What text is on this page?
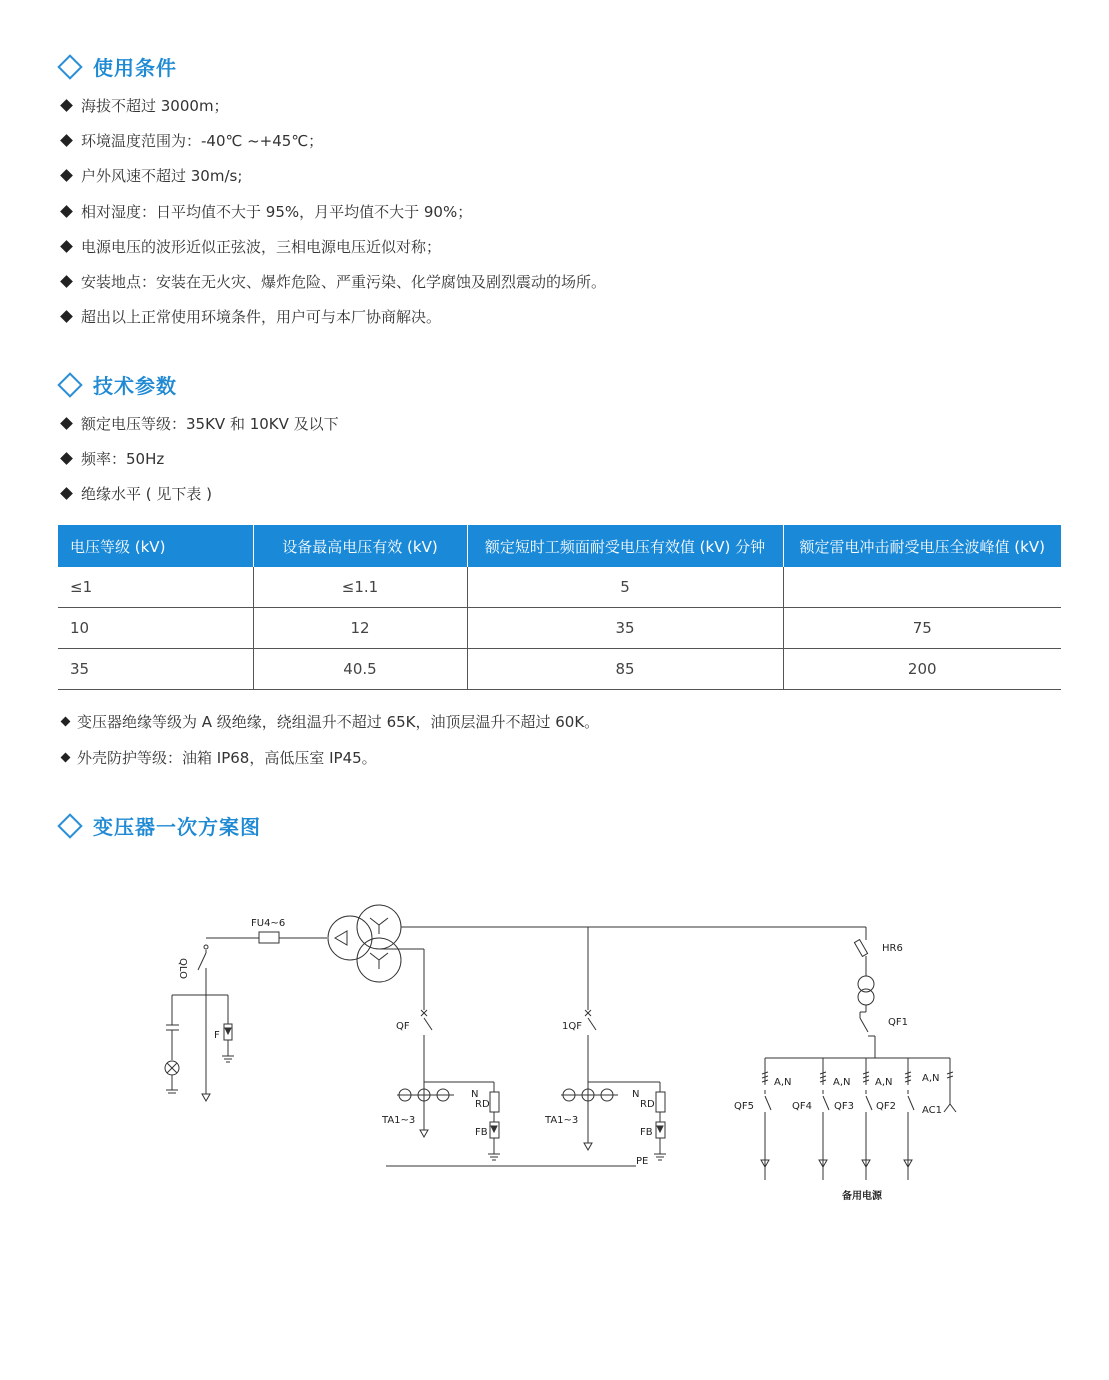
使用条件
海拔不超过 3000m；
环境温度范围为：-40℃ ~+45℃；
户外风速不超过 30m/s;
相对湿度：日平均值不大于 95%，月平均值不大于 90%；
电源电压的波形近似正弦波，三相电源电压近似对称；
安装地点：安装在无火灾、爆炸危险、严重污染、化学腐蚀及剧烈震动的场所。
超出以上正常使用环境条件，用户可与本厂协商解决。
技术参数
额定电压等级：35KV 和 10KV 及以下
频率：50Hz
绝缘水平 ( 见下表 )
电压等级 (kV)	设备最高电压有效 (kV)	额定短时工频面耐受电压有效值 (kV) 分钟	额定雷电冲击耐受电压全波峰值 (kV)
≤1	≤1.1	5	
10	12	35	75
35	40.5	85	200
变压器绝缘等级为 A 级绝缘，绕组温升不超过 65K，油顶层温升不超过 60K。
外壳防护等级：油箱 IP68，高低压室 IP45。
变压器一次方案图
FU4~6
QLO
F
QF	1QF
TA1~3	TA1~3
N
RD
FB
N
RD
FB
PE
HR6
QF1
A,N	A,N A,N	A,N
QF5	QF4 QF3 QF2	AC1
备用电源
